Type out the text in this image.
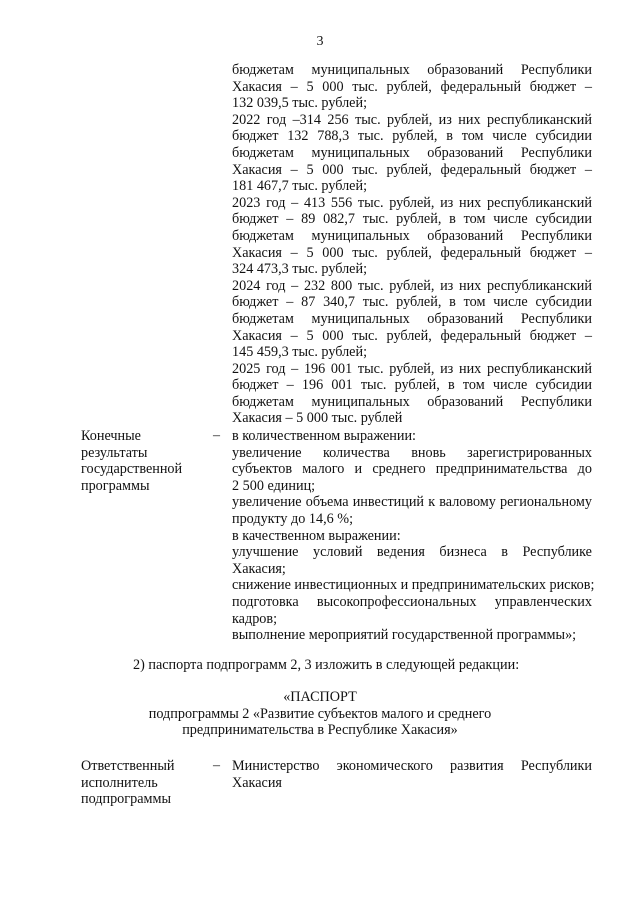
3
бюджетам муниципальных образований Республики
Хакасия – 5 000 тыс. рублей, федеральный бюджет –
132 039,5 тыс. рублей;
2022 год –314 256 тыс. рублей, из них республиканский
бюджет 132 788,3 тыс. рублей, в том числе субсидии
бюджетам муниципальных образований Республики
Хакасия – 5 000 тыс. рублей, федеральный бюджет –
181 467,7 тыс. рублей;
2023 год – 413 556 тыс. рублей, из них республиканский
бюджет – 89 082,7 тыс. рублей, в том числе субсидии
бюджетам муниципальных образований Республики
Хакасия – 5 000 тыс. рублей, федеральный бюджет –
324 473,3 тыс. рублей;
2024 год – 232 800 тыс. рублей, из них республиканский
бюджет – 87 340,7 тыс. рублей, в том числе субсидии
бюджетам муниципальных образований Республики
Хакасия – 5 000 тыс. рублей, федеральный бюджет –
145 459,3 тыс. рублей;
2025 год – 196 001 тыс. рублей, из них республиканский
бюджет – 196 001 тыс. рублей, в том числе субсидии
бюджетам муниципальных образований Республики
Хакасия – 5 000 тыс. рублей
Конечные
результаты
государственной
программы
– в количественном выражении:
увеличение количества вновь зарегистрированных
субъектов малого и среднего предпринимательства до
2 500 единиц;
увеличение объема инвестиций к валовому региональному
продукту до 14,6 %;
в качественном выражении:
улучшение условий ведения бизнеса в Республике
Хакасия;
снижение инвестиционных и предпринимательских рисков;
подготовка высокопрофессиональных управленческих
кадров;
выполнение мероприятий государственной программы»;
2) паспорта подпрограмм 2, 3 изложить в следующей редакции:
«ПАСПОРТ
подпрограммы 2 «Развитие субъектов малого и среднего
предпринимательства в Республике Хакасия»
Ответственный
исполнитель
подпрограммы
– Министерство экономического развития Республики
Хакасия
